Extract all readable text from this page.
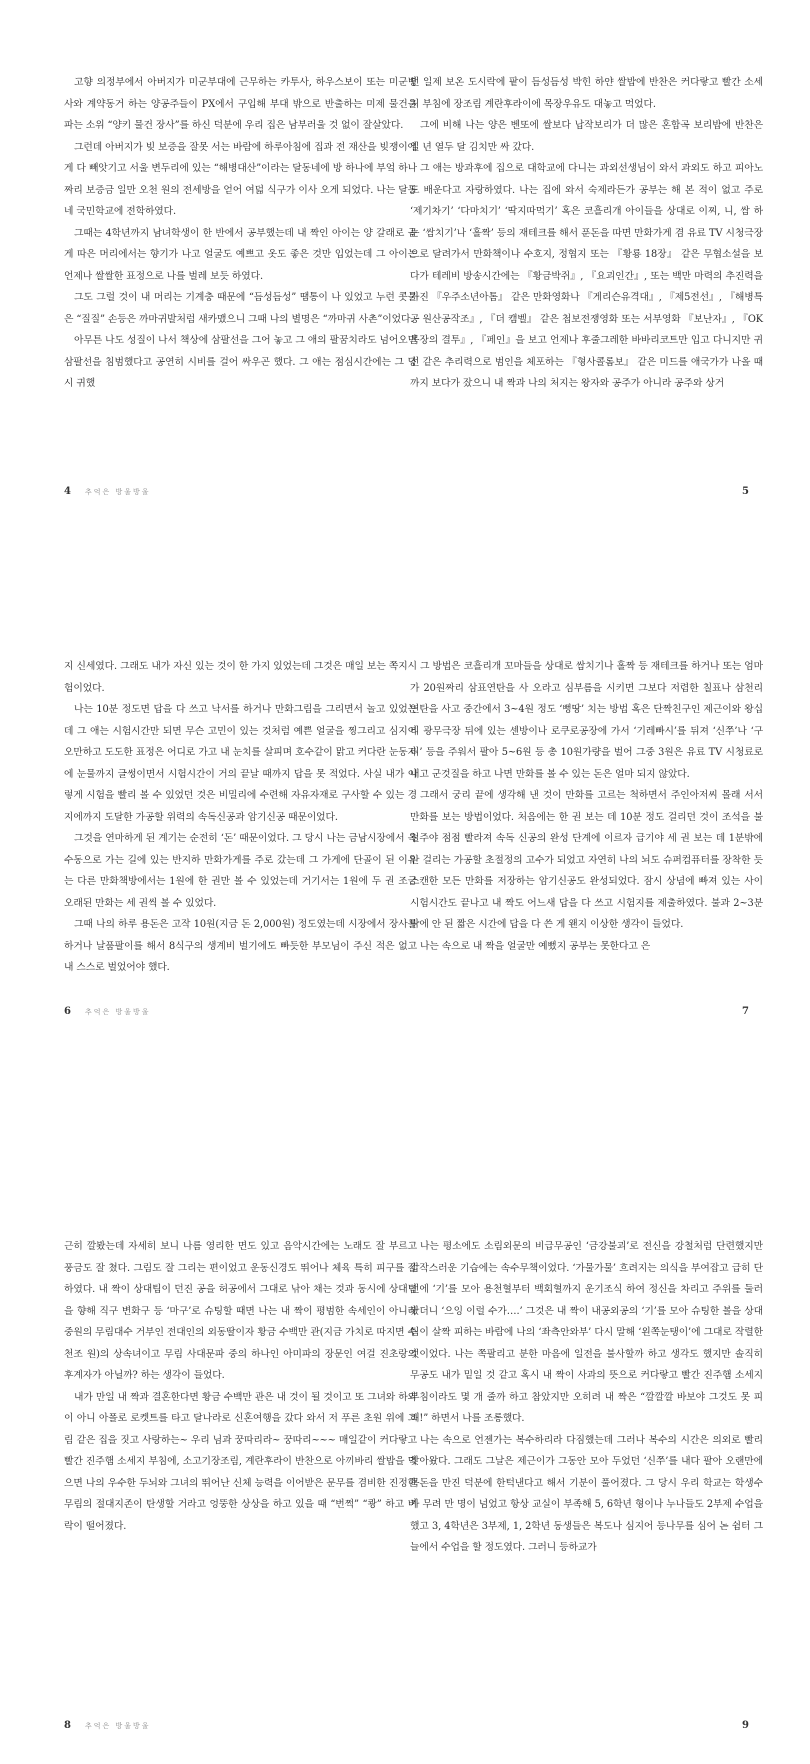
고향 의정부에서 아버지가 미군부대에 근무하는 카투사, 하우스보이 또는 미군병사와 계약동거 하는 양공주들이 PX에서 구입해 부대 밖으로 반출하는 미제 물건을 파는 소위 “양키 물건 장사”를 하신 덕분에 우리 집은 남부러울 것 없이 잘살았다.

그런데 아버지가 빚 보증을 잘못 서는 바람에 하루아침에 집과 전 재산을 빚쟁이에게 다 빼앗기고 서울 변두리에 있는 “해병대산”이라는 달동네에 방 하나에 부엌 하나짜리 보증금 일만 오천 원의 전세방을 얻어 여덟 식구가 이사 오게 되었다. 나는 달동네 국민학교에 전학하였다.

그때는 4학년까지 남녀학생이 한 반에서 공부했는데 내 짝인 아이는 양 갈래로 곱게 따은 머리에서는 향기가 나고 얼굴도 예쁘고 옷도 좋은 것만 입었는데 그 아이는 언제나 쌀쌀한 표정으로 나를 벌레 보듯 하였다.

그도 그럴 것이 내 머리는 기계충 때문에 “듬성듬성” 땜통이 나 있었고 누런 콧물은 “질질” 손등은 까마귀발처럼 새카맸으니 그때 나의 별명은 “까마귀 사촌”이었다.

아무튼 나도 성질이 나서 책상에 삼팔선을 그어 놓고 그 애의 팔꿈치라도 넘어오면 삼팔선을 침범했다고 공연히 시비를 걸어 싸우곤 했다. 그 애는 점심시간에는 그 당시 귀했

4 추억은 방울방울

던 일제 보온 도시락에 팥이 듬성듬성 박힌 하얀 쌀밥에 반찬은 커다랗고 빨간 소세지 부침에 장조림 계란후라이에 목장우유도 대놓고 먹었다.

그에 비해 나는 양은 벤또에 쌀보다 납작보리가 더 많은 혼합곡 보리밥에 반찬은 일 년 열두 달 김치만 싸 갔다.

그 애는 방과후에 집으로 대학교에 다니는 과외선생님이 와서 과외도 하고 피아노도 배운다고 자랑하였다. 나는 집에 와서 숙제라든가 공부는 해 본 적이 없고 주로 ‘제기차기’ ‘다마치기’ ‘딱지따먹기’ 혹은 코흘리개 아이들을 상대로 이찌, 니, 쌈 하는 ‘쌈치기’나 ‘홀짝’ 등의 재테크를 해서 푼돈을 따면 만화가게 겸 유료 TV 시청극장으로 달려가서 만화책이나 수호지, 정협지 또는 『황룡 18장』 같은 무협소설을 보다가 테레비 방송시간에는 『황금박쥐』, 『요괴인간』, 또는 백만 마력의 추진력을 가진 『우주소년아톰』 같은 만화영화나 『게리슨유격대』, 『제5전선』, 『해병특공 원산공작조』, 『더 캠벨』 같은 첩보전쟁영화 또는 서부영화 『보난자』, 『OK목장의 결투』, 『페인』을 보고 언제나 후줄그레한 바바리코트만 입고 다니지만 귀신 같은 추리력으로 범인을 체포하는 『형사콜롬보』 같은 미드를 애국가가 나올 때까지 보다가 잤으니 내 짝과 나의 처지는 왕자와 공주가 아니라 공주와 상거

5

지 신세였다. 그래도 내가 자신 있는 것이 한 가지 있었는데 그것은 매일 보는 쪽지시험이었다.

나는 10분 정도면 답을 다 쓰고 낙서를 하거나 만화그림을 그리면서 놀고 있었는데 그 애는 시험시간만 되면 무슨 고민이 있는 것처럼 예쁜 얼굴을 찡그리고 심지어 오만하고 도도한 표정은 어디로 가고 내 눈치를 살피며 호수같이 맑고 커다란 눈동자에 눈물까지 글썽이면서 시험시간이 거의 끝날 때까지 답을 못 적었다. 사실 내가 이렇게 시험을 빨리 볼 수 있었던 것은 비밀리에 수련해 자유자재로 구사할 수 있는 경지에까지 도달한 가공할 위력의 속독신공과 암기신공 때문이었다.

그것을 연마하게 된 계기는 순전히 ‘돈’ 때문이었다. 그 당시 나는 금남시장에서 옥수동으로 가는 길에 있는 반지하 만화가게를 주로 갔는데 그 가게에 단골이 된 이유는 다른 만화책방에서는 1원에 한 권만 볼 수 있었는데 거기서는 1원에 두 권 조금 오래된 만화는 세 권씩 볼 수 있었다.

그때 나의 하루 용돈은 고작 10원(지금 돈 2,000원) 정도였는데 시장에서 장사를 하거나 날품팔이를 해서 8식구의 생계비 벌기에도 빠듯한 부모님이 주신 적은 없고 내 스스로 벌었어야 했다.

6 추억은 방울방울

그 방법은 코흘리개 꼬마들을 상대로 쌈치기나 홀짝 등 재테크를 하거나 또는 엄마가 20원짜리 삼표연탄을 사 오라고 심부름을 시키면 그보다 저렴한 칠표나 삼천리 연탄을 사고 중간에서 3~4원 정도 ‘뻥땅’ 치는 방법 혹은 단짝친구인 제근이와 왕십리 광무극장 뒤에 있는 센방이나 로쿠로공장에 가서 ‘기레빠시’를 뒤져 ‘신쭈’나 ‘구리’ 등을 주워서 팔아 5~6원 등 총 10원가량을 벌어 그중 3원은 유료 TV 시청료로 내고 군것질을 하고 나면 만화를 볼 수 있는 돈은 얼마 되지 않았다.

그래서 궁리 끝에 생각해 낸 것이 만화를 고르는 척하면서 주인아저씨 몰래 서서 만화를 보는 방법이었다. 처음에는 한 권 보는 데 10분 정도 걸리던 것이 조석을 불철주야 점점 빨라져 속독 신공의 완성 단계에 이르자 급기야 세 권 보는 데 1분밖에 안 걸리는 가공할 초절정의 고수가 되었고 자연히 나의 뇌도 슈퍼컴퓨터를 장착한 듯 스캔한 모든 만화를 저장하는 암기신공도 완성되었다. 잠시 상념에 빠져 있는 사이 시험시간도 끝나고 내 짝도 어느새 답을 다 쓰고 시험지를 제출하였다. 불과 2~3분밖에 안 된 짧은 시간에 답을 다 쓴 게 왠지 이상한 생각이 들었다.

나는 속으로 내 짝을 얼굴만 예뻤지 공부는 못한다고 은

7

근히 깔봤는데 자세히 보니 나름 영리한 면도 있고 음악시간에는 노래도 잘 부르고 풍금도 잘 쳤다. 그림도 잘 그리는 편이었고 운동신경도 뛰어나 체육 특히 피구를 잘하였다. 내 짝이 상대팀이 던진 공을 허공에서 그대로 낚아 채는 것과 동시에 상대팀을 향해 직구 변화구 등 ‘마구’로 슈팅할 때면 나는 내 짝이 평범한 속세인이 아니라 중원의 무림대수 거부인 전대인의 외동딸이자 황금 수백만 관(지금 가치로 따지면 수천조 원)의 상속녀이고 무림 사대문파 중의 하나인 아미파의 장문인 여걸 진초랑의 후계자가 아닐까? 하는 생각이 들었다.

내가 만일 내 짝과 결혼한다면 황금 수백만 관은 내 것이 될 것이고 또 그녀와 하와이 아니 아폴로 로켓트를 타고 달나라로 신혼여행을 갔다 와서 저 푸른 초원 위에 그림 같은 집을 짓고 사랑하는~ 우리 님과 꿍따리라~ 꿍따리~~~ 매일같이 커다랗고 빨간 진주햄 소세지 부침에, 소고기장조림, 계란후라이 반찬으로 아끼바리 쌀밥을 먹으면 나의 우수한 두뇌와 그녀의 뛰어난 신체 능력을 이어받은 문무를 겸비한 진정한 무림의 절대지존이 탄생할 거라고 엉뚱한 상상을 하고 있을 때 “번쩍” “쾅” 하고 벼락이 떨어졌다.

8 추억은 방울방울

나는 평소에도 소림외문의 비급무공인 ‘금강불괴’로 전신을 강철처럼 단련했지만 갑작스러운 기습에는 속수무책이었다. ‘가물가물’ 흐려지는 의식을 부여잡고 급히 단전에 ‘기’를 모아 용천혈부터 백회혈까지 운기조식 하여 정신을 차리고 주위를 둘러봤더니 ‘으잉 이럴 수가….’ 그것은 내 짝이 내공외공의 ‘기’를 모아 슈팅한 볼을 상대팀이 살짝 피하는 바람에 나의 ‘좌측안와부’ 다시 말해 ‘왼쪽눈탱이’에 그대로 작렬한 것이었다. 나는 쪽팔리고 분한 마음에 일전을 불사할까 하고 생각도 했지만 솔직히 무공도 내가 밑일 것 같고 혹시 내 짝이 사과의 뜻으로 커다랗고 빨간 진주햄 소세지 부침이라도 몇 개 줄까 하고 참았지만 오히려 내 짝은 “깔깔깔 바보야 그것도 못 피해!” 하면서 나를 조롱했다.

나는 속으로 언젠가는 복수하리라 다짐했는데 그러나 복수의 시간은 의외로 빨리 찾아왔다. 그래도 그날은 제근이가 그동안 모아 두었던 ‘신쭈’를 내다 팔아 오랜만에 목돈을 만진 덕분에 한턱낸다고 해서 기분이 풀어졌다. 그 당시 우리 학교는 학생수가 무려 만 명이 넘었고 항상 교실이 부족해 5, 6학년 형이나 누나들도 2부제 수업을 했고 3, 4학년은 3부제, 1, 2학년 동생들은 복도나 심지어 등나무를 심어 논 쉼터 그늘에서 수업을 할 정도였다. 그러니 등하교가

9
